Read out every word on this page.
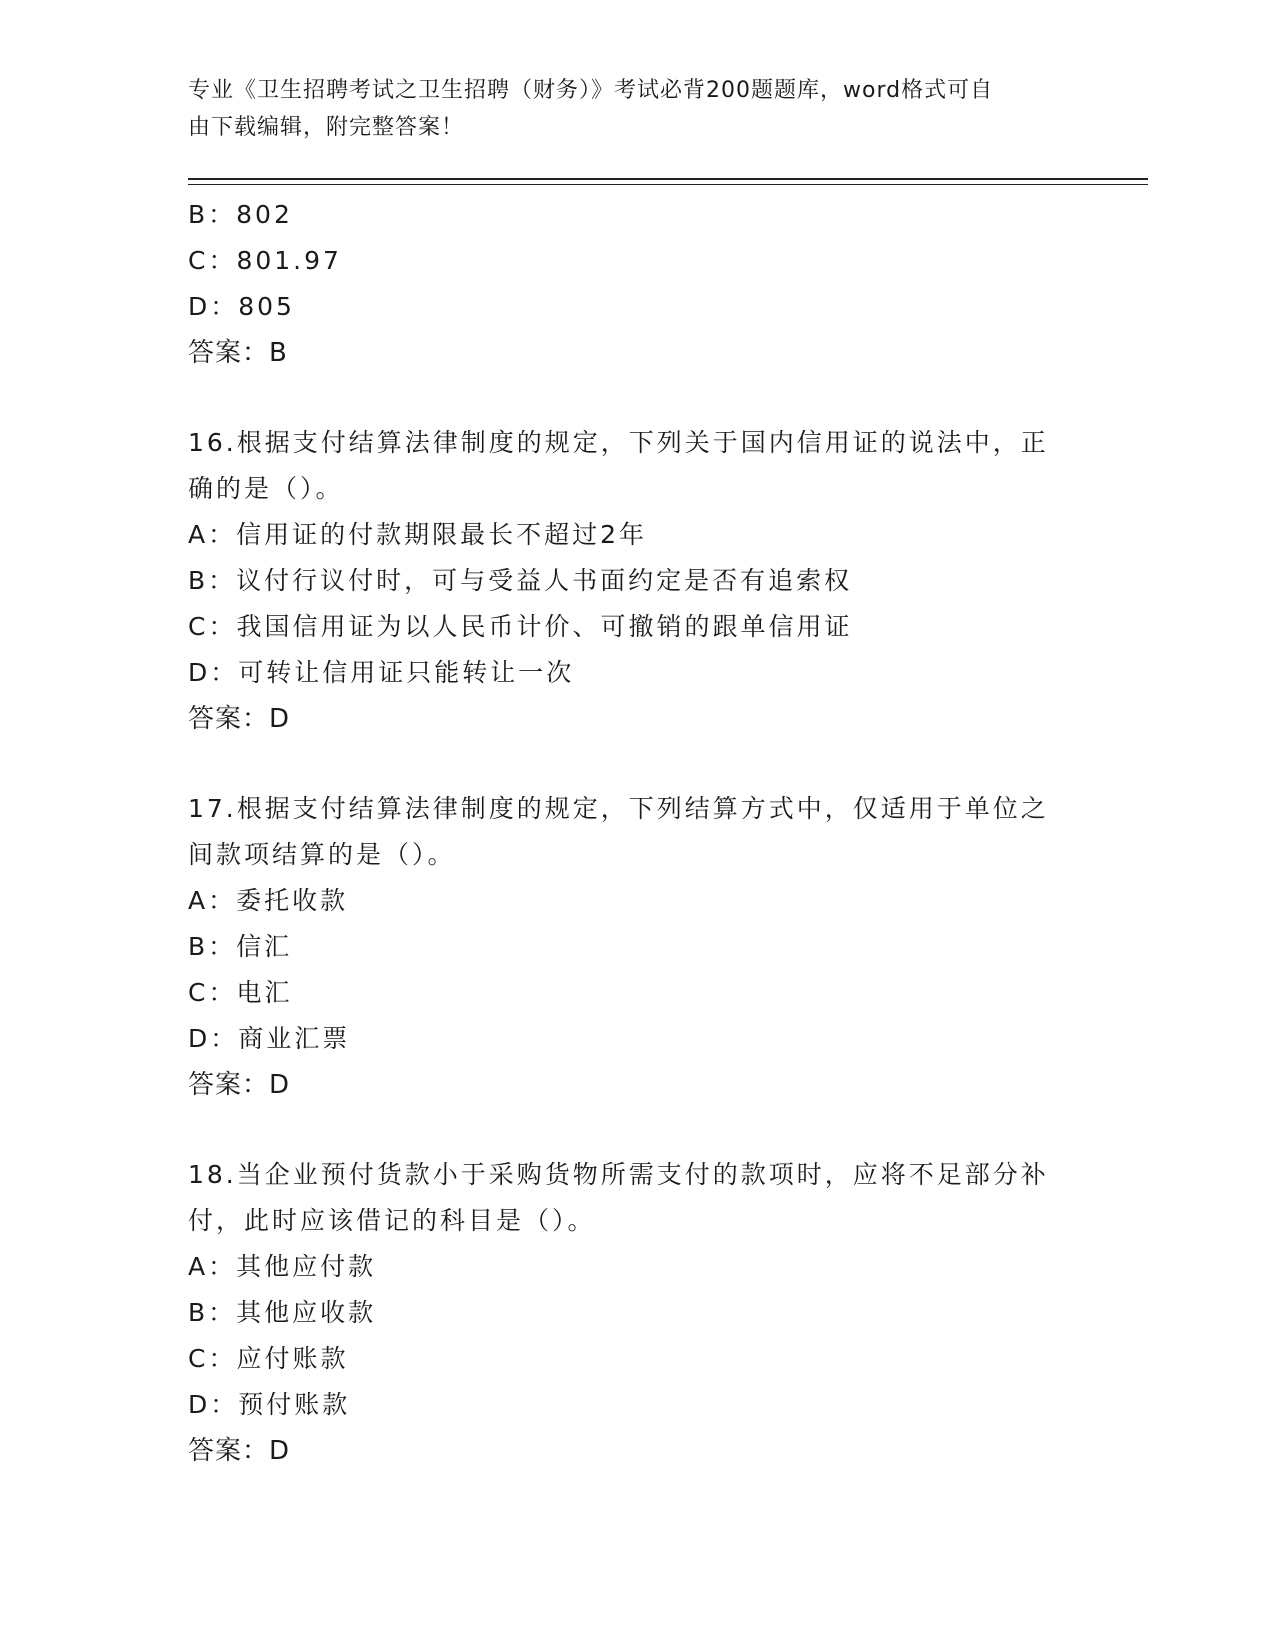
专业《卫生招聘考试之卫生招聘（财务）》考试必背200题题库，word格式可自
由下载编辑，附完整答案！
B：802
C：801.97
D：805
答案：B
16.根据支付结算法律制度的规定，下列关于国内信用证的说法中，正
确的是（）。
A：信用证的付款期限最长不超过2年
B：议付行议付时，可与受益人书面约定是否有追索权
C：我国信用证为以人民币计价、可撤销的跟单信用证
D：可转让信用证只能转让一次
答案：D
17.根据支付结算法律制度的规定，下列结算方式中，仅适用于单位之
间款项结算的是（）。
A：委托收款
B：信汇
C：电汇
D：商业汇票
答案：D
18.当企业预付货款小于采购货物所需支付的款项时，应将不足部分补
付，此时应该借记的科目是（）。
A：其他应付款
B：其他应收款
C：应付账款
D：预付账款
答案：D
